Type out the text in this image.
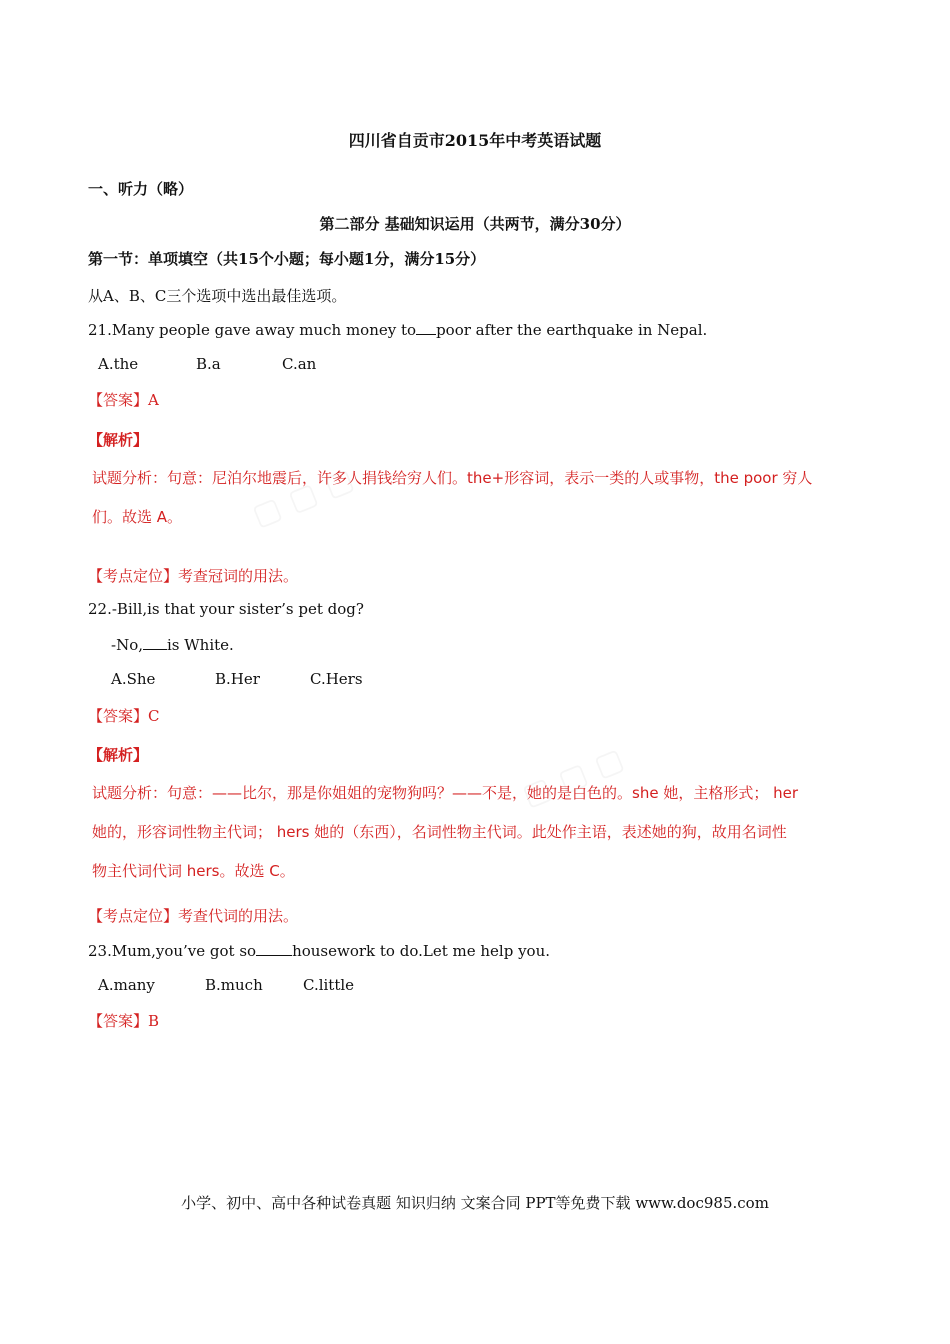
▢ ▢ ▢
▢ ▢ ▢
四川省自贡市2015年中考英语试题
一、听力（略）
第二部分 基础知识运用（共两节，满分30分）
第一节：单项填空（共15个小题；每小题1分，满分15分）
从A、B、C三个选项中选出最佳选项。
21.Many people gave away much money to poor after the earthquake in Nepal.
A.the	B.a	C.an
【答案】A
【解析】
试题分析：句意：尼泊尔地震后，许多人捐钱给穷人们。the+形容词，表示一类的人或事物，the poor 穷人
们。故选 A。
【考点定位】考查冠词的用法。
22.-Bill,is that your sister’s pet dog?
-No, is White.
A.She	B.Her	C.Hers
【答案】C
【解析】
试题分析：句意：——比尔，那是你姐姐的宠物狗吗？——不是，她的是白色的。she 她，主格形式； her
她的，形容词性物主代词； hers 她的（东西），名词性物主代词。此处作主语，表述她的狗，故用名词性
物主代词代词 hers。故选 C。
【考点定位】考查代词的用法。
23.Mum,you’ve got so housework to do.Let me help you.
A.many	B.much	C.little
【答案】B
小学、初中、高中各种试卷真题 知识归纳 文案合同 PPT等免费下载 www.doc985.com
